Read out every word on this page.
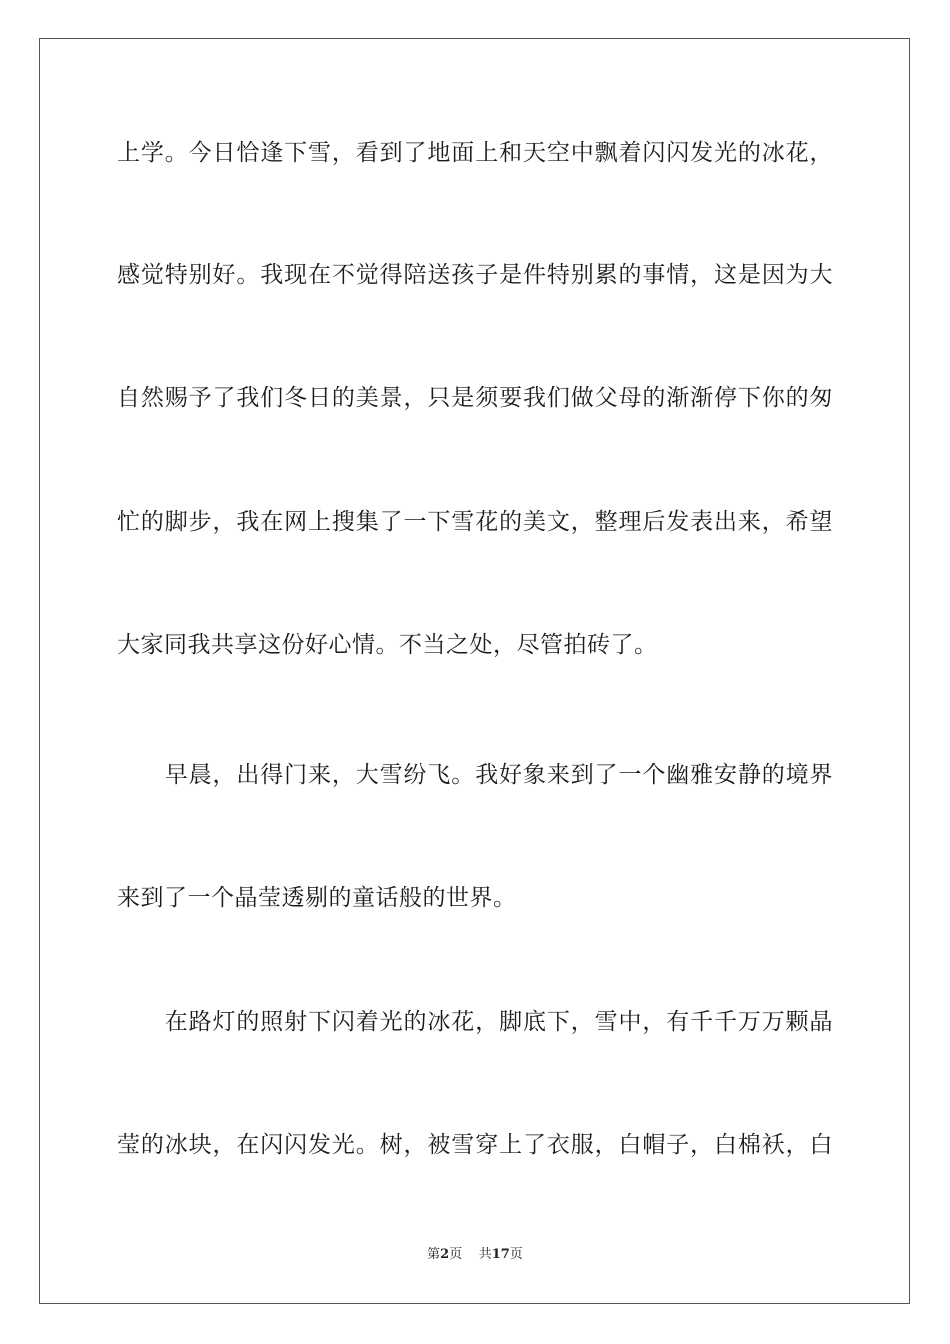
上学。今日恰逢下雪，看到了地面上和天空中飘着闪闪发光的冰花，
感觉特别好。我现在不觉得陪送孩子是件特别累的事情，这是因为大
自然赐予了我们冬日的美景，只是须要我们做父母的渐渐停下你的匆
忙的脚步，我在网上搜集了一下雪花的美文，整理后发表出来，希望
大家同我共享这份好心情。不当之处，尽管拍砖了。
　　早晨，出得门来，大雪纷飞。我好象来到了一个幽雅安静的境界
来到了一个晶莹透剔的童话般的世界。
　　在路灯的照射下闪着光的冰花，脚底下，雪中，有千千万万颗晶
莹的冰块，在闪闪发光。树，被雪穿上了衣服，白帽子，白棉袄，白
第2页 共17页
